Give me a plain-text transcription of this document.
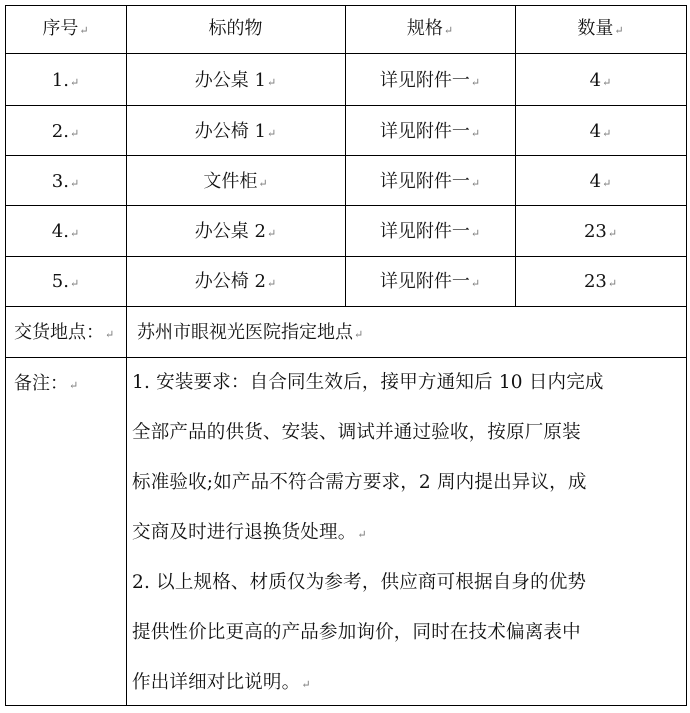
序号↵	标的物	规格↵	数量↵
1.↵	办公桌 1↵	详见附件一↵	4↵
2.↵	办公椅 1↵	详见附件一↵	4↵
3.↵	文件柜↵	详见附件一↵	4↵
4.↵	办公桌 2↵	详见附件一↵	23↵
5.↵	办公椅 2↵	详见附件一↵	23↵
交货地点：↵ 苏州市眼视光医院指定地点↵
备注：↵	1. 安装要求：自合同生效后，接甲方通知后 10 日内完成
全部产品的供货、安装、调试并通过验收，按原厂原装
标准验收;如产品不符合需方要求，2 周内提出异议，成
交商及时进行退换货处理。↵
2. 以上规格、材质仅为参考，供应商可根据自身的优势
提供性价比更高的产品参加询价，同时在技术偏离表中
作出详细对比说明。↵
